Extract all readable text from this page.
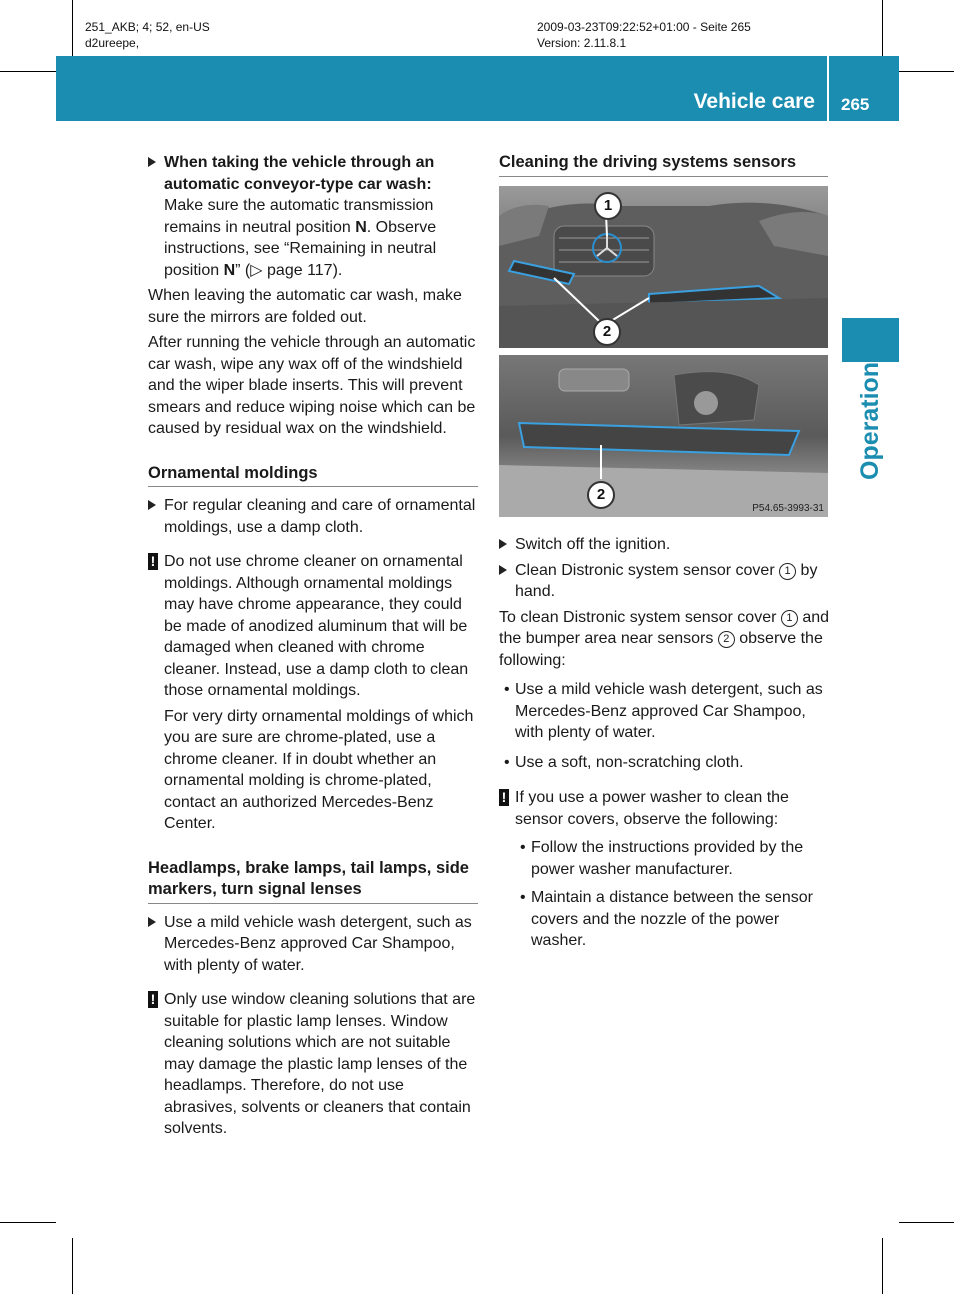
251_AKB; 4; 52, en-US
d2ureepe,
2009-03-23T09:22:52+01:00 - Seite 265
Version: 2.11.8.1
Vehicle care 265
Operation

When taking the vehicle through an automatic conveyor-type car wash:
Make sure the automatic transmission remains in neutral position N. Observe instructions, see “Remaining in neutral position N” (▷ page 117).

When leaving the automatic car wash, make sure the mirrors are folded out.

After running the vehicle through an automatic car wash, wipe any wax off of the windshield and the wiper blade inserts. This will prevent smears and reduce wiping noise which can be caused by residual wax on the windshield.

Ornamental moldings

For regular cleaning and care of ornamental moldings, use a damp cloth.

! Do not use chrome cleaner on ornamental moldings. Although ornamental moldings may have chrome appearance, they could be made of anodized aluminum that will be damaged when cleaned with chrome cleaner. Instead, use a damp cloth to clean those ornamental moldings.

For very dirty ornamental moldings of which you are sure are chrome-plated, use a chrome cleaner. If in doubt whether an ornamental molding is chrome-plated, contact an authorized Mercedes-Benz Center.

Headlamps, brake lamps, tail lamps, side markers, turn signal lenses

Use a mild vehicle wash detergent, such as Mercedes-Benz approved Car Shampoo, with plenty of water.

! Only use window cleaning solutions that are suitable for plastic lamp lenses. Window cleaning solutions which are not suitable may damage the plastic lamp lenses of the headlamps. Therefore, do not use abrasives, solvents or cleaners that contain solvents.

Cleaning the driving systems sensors
1
2
2
P54.65-3993-31

Switch off the ignition.

Clean Distronic system sensor cover 1 by hand.

To clean Distronic system sensor cover 1 and the bumper area near sensors 2 observe the following:

• Use a mild vehicle wash detergent, such as Mercedes-Benz approved Car Shampoo, with plenty of water.

• Use a soft, non-scratching cloth.

! If you use a power washer to clean the sensor covers, observe the following:

• Follow the instructions provided by the power washer manufacturer.

• Maintain a distance between the sensor covers and the nozzle of the power washer.
